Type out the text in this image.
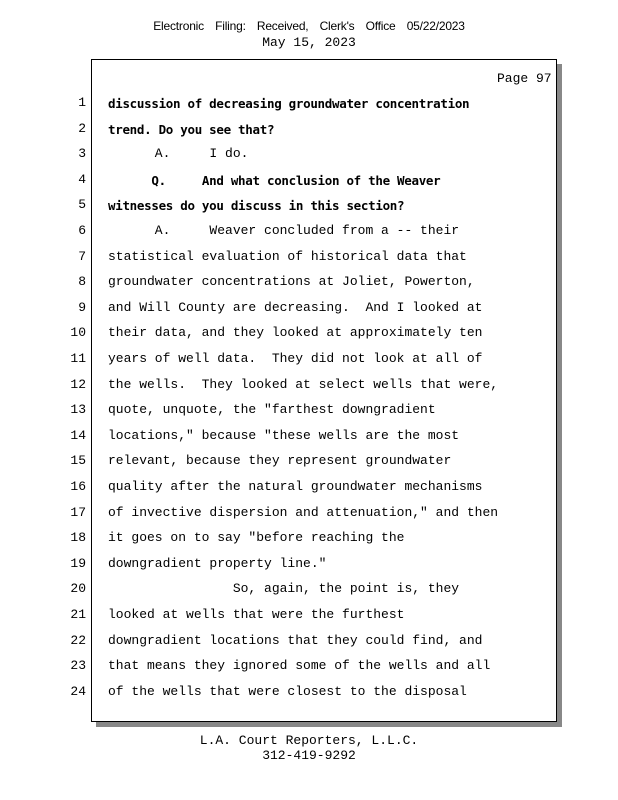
Electronic Filing: Received, Clerk's Office 05/22/2023
May 15, 2023
Page 97
1 discussion of decreasing groundwater concentration
2 trend. Do you see that?
3 A.     I do.
4 Q.     And what conclusion of the Weaver
5 witnesses do you discuss in this section?
6 A.     Weaver concluded from a -- their
7 statistical evaluation of historical data that
8 groundwater concentrations at Joliet, Powerton,
9 and Will County are decreasing.  And I looked at
10 their data, and they looked at approximately ten
11 years of well data.  They did not look at all of
12 the wells.  They looked at select wells that were,
13 quote, unquote, the "farthest downgradient
14 locations," because "these wells are the most
15 relevant, because they represent groundwater
16 quality after the natural groundwater mechanisms
17 of invective dispersion and attenuation," and then
18 it goes on to say "before reaching the
19 downgradient property line."
20 So, again, the point is, they
21 looked at wells that were the furthest
22 downgradient locations that they could find, and
23 that means they ignored some of the wells and all
24 of the wells that were closest to the disposal
L.A. Court Reporters, L.L.C.
312-419-9292
